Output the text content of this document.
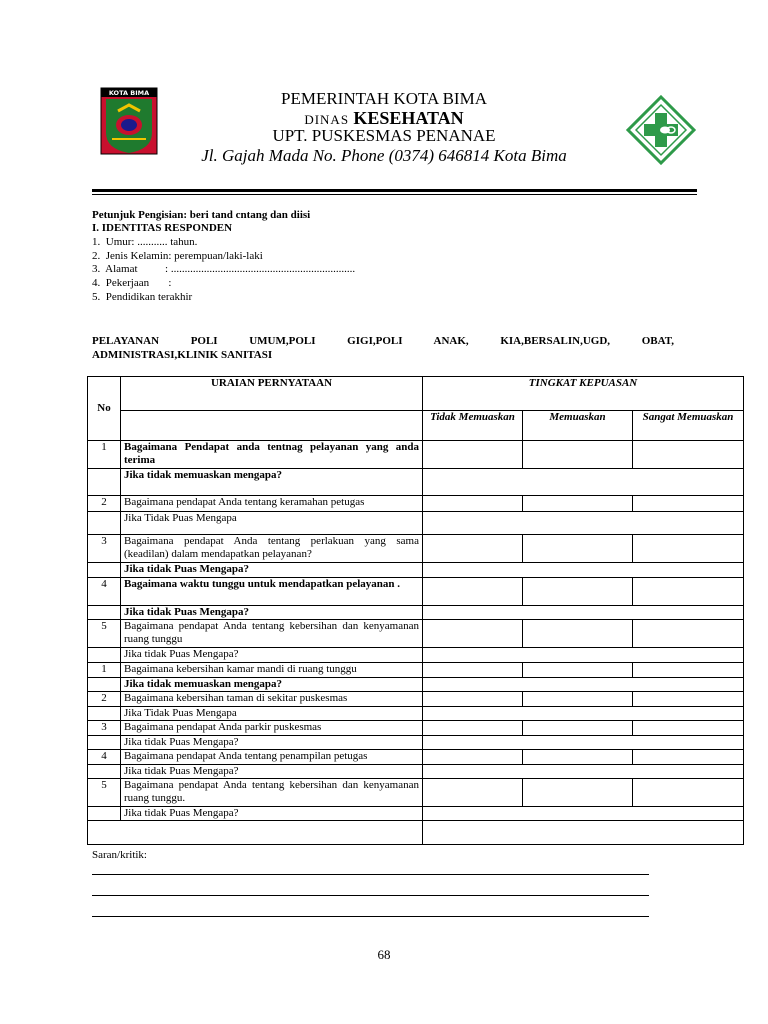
KOTA BIMA	PEMERINTAH KOTA BIMA
DINAS KESEHATAN
UPT. PUSKESMAS PENANAE
Jl. Gajah Mada No. Phone (0374) 646814 Kota Bima
Petunjuk Pengisian: beri tand cntang dan diisi
I. IDENTITAS RESPONDEN
1.  Umur: ........... tahun.
2.  Jenis Kelamin: perempuan/laki-laki
3.  Alamat          : ...................................................................
4.  Pekerjaan       :
5.  Pendidikan terakhir
PELAYANAN POLI UMUM,POLI GIGI,POLI ANAK, KIA,BERSALIN,UGD, OBAT,
ADMINISTRASI,KLINIK SANITASI
No	URAIAN PERNYATAAN	TINGKAT KEPUASAN		
		Tidak Memuaskan	Memuaskan	Sangat Memuaskan
1	Bagaimana Pendapat anda tentnag pelayanan yang anda terima			
	Jika tidak memuaskan mengapa?			
2	Bagaimana pendapat Anda tentang keramahan petugas			
	Jika Tidak Puas Mengapa			
3	Bagaimana pendapat Anda tentang perlakuan yang sama (keadilan) dalam mendapatkan pelayanan?			
	Jika tidak Puas Mengapa?			
4	Bagaimana waktu tunggu untuk mendapatkan pelayanan .			
	Jika tidak Puas Mengapa?			
5	Bagaimana pendapat Anda tentang kebersihan dan kenyamanan ruang tunggu			
	Jika tidak Puas Mengapa?			
1	Bagaimana kebersihan kamar mandi di ruang tunggu			
	Jika tidak memuaskan mengapa?			
2	Bagaimana kebersihan taman di sekitar puskesmas			
	Jika Tidak Puas Mengapa			
3	Bagaimana pendapat Anda parkir puskesmas			
	Jika tidak Puas Mengapa?			
4	Bagaimana pendapat Anda tentang penampilan petugas			
	Jika tidak Puas Mengapa?			
5	Bagaimana pendapat Anda tentang kebersihan dan kenyamanan ruang tunggu.			
	Jika tidak Puas Mengapa?			

Saran/kritik:
68
